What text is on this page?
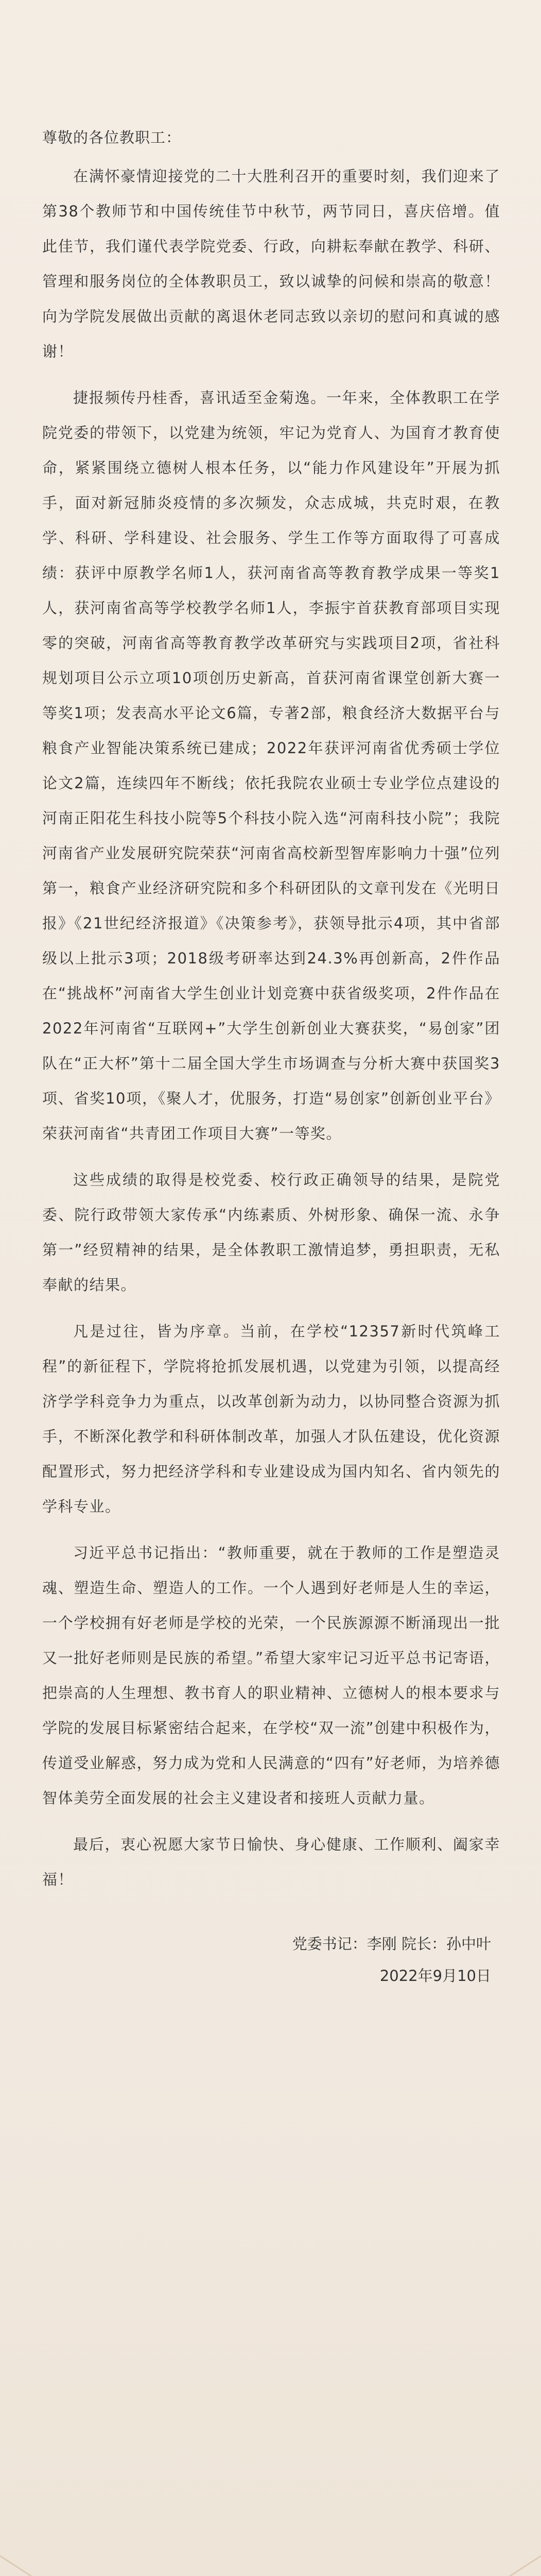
尊敬的各位教职工：

在满怀豪情迎接党的二十大胜利召开的重要时刻，我们迎来了第38个教师节和中国传统佳节中秋节，两节同日，喜庆倍增。值此佳节，我们谨代表学院党委、行政，向耕耘奉献在教学、科研、管理和服务岗位的全体教职员工，致以诚挚的问候和崇高的敬意！向为学院发展做出贡献的离退休老同志致以亲切的慰问和真诚的感谢！

捷报频传丹桂香，喜讯适至金菊逸。一年来，全体教职工在学院党委的带领下，以党建为统领，牢记为党育人、为国育才教育使命，紧紧围绕立德树人根本任务，以“能力作风建设年”开展为抓手，面对新冠肺炎疫情的多次频发，众志成城，共克时艰，在教学、科研、学科建设、社会服务、学生工作等方面取得了可喜成绩：获评中原教学名师1人，获河南省高等教育教学成果一等奖1人，获河南省高等学校教学名师1人，李振宇首获教育部项目实现零的突破，河南省高等教育教学改革研究与实践项目2项，省社科规划项目公示立项10项创历史新高，首获河南省课堂创新大赛一等奖1项；发表高水平论文6篇，专著2部，粮食经济大数据平台与粮食产业智能决策系统已建成；2022年获评河南省优秀硕士学位论文2篇，连续四年不断线；依托我院农业硕士专业学位点建设的河南正阳花生科技小院等5个科技小院入选“河南科技小院”；我院河南省产业发展研究院荣获“河南省高校新型智库影响力十强”位列第一，粮食产业经济研究院和多个科研团队的文章刊发在《光明日报》《21世纪经济报道》《决策参考》，获领导批示4项，其中省部级以上批示3项；2018级考研率达到24.3%再创新高，2件作品在“挑战杯”河南省大学生创业计划竞赛中获省级奖项，2件作品在2022年河南省“互联网+”大学生创新创业大赛获奖，“易创家”团队在“正大杯”第十二届全国大学生市场调查与分析大赛中获国奖3项、省奖10项，《聚人才，优服务，打造“易创家”创新创业平台》荣获河南省“共青团工作项目大赛”一等奖。

这些成绩的取得是校党委、校行政正确领导的结果，是院党委、院行政带领大家传承“内练素质、外树形象、确保一流、永争第一”经贸精神的结果，是全体教职工激情追梦，勇担职责，无私奉献的结果。

凡是过往，皆为序章。当前，在学校“12357新时代筑峰工程”的新征程下，学院将抢抓发展机遇，以党建为引领，以提高经济学学科竞争力为重点，以改革创新为动力，以协同整合资源为抓手，不断深化教学和科研体制改革，加强人才队伍建设，优化资源配置形式，努力把经济学科和专业建设成为国内知名、省内领先的学科专业。

习近平总书记指出：“教师重要，就在于教师的工作是塑造灵魂、塑造生命、塑造人的工作。一个人遇到好老师是人生的幸运，一个学校拥有好老师是学校的光荣，一个民族源源不断涌现出一批又一批好老师则是民族的希望。”希望大家牢记习近平总书记寄语，把崇高的人生理想、教书育人的职业精神、立德树人的根本要求与学院的发展目标紧密结合起来，在学校“双一流”创建中积极作为，传道受业解惑，努力成为党和人民满意的“四有”好老师，为培养德智体美劳全面发展的社会主义建设者和接班人贡献力量。

最后，衷心祝愿大家节日愉快、身心健康、工作顺利、阖家幸福！

党委书记：李刚 院长：孙中叶
2022年9月10日
